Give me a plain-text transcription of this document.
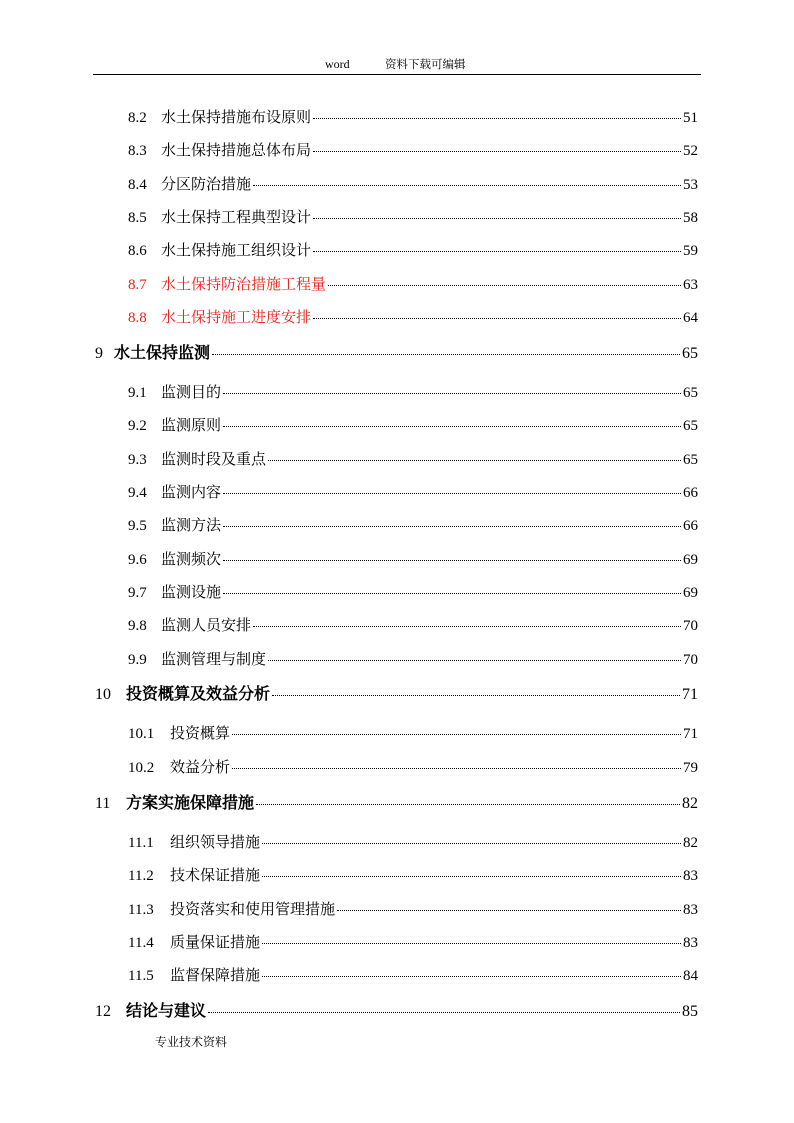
word	资料下载可编辑
8.2 水土保持措施布设原则	51
8.3 水土保持措施总体布局	52
8.4 分区防治措施	53
8.5 水土保持工程典型设计	58
8.6 水土保持施工组织设计	59
8.7 水土保持防治措施工程量	63
8.8 水土保持施工进度安排	64
9 水土保持监测	65
9.1 监测目的	65
9.2 监测原则	65
9.3 监测时段及重点	65
9.4 监测内容	66
9.5 监测方法	66
9.6 监测频次	69
9.7 监测设施	69
9.8 监测人员安排	70
9.9 监测管理与制度	70
10 投资概算及效益分析	71
10.1	投资概算	71
10.2	效益分析	79
11 方案实施保障措施	82
11.1	组织领导措施	82
11.2	技术保证措施	83
11.3	投资落实和使用管理措施	83
11.4	质量保证措施	83
11.5	监督保障措施	84
12 结论与建议	85
专业技术资料
